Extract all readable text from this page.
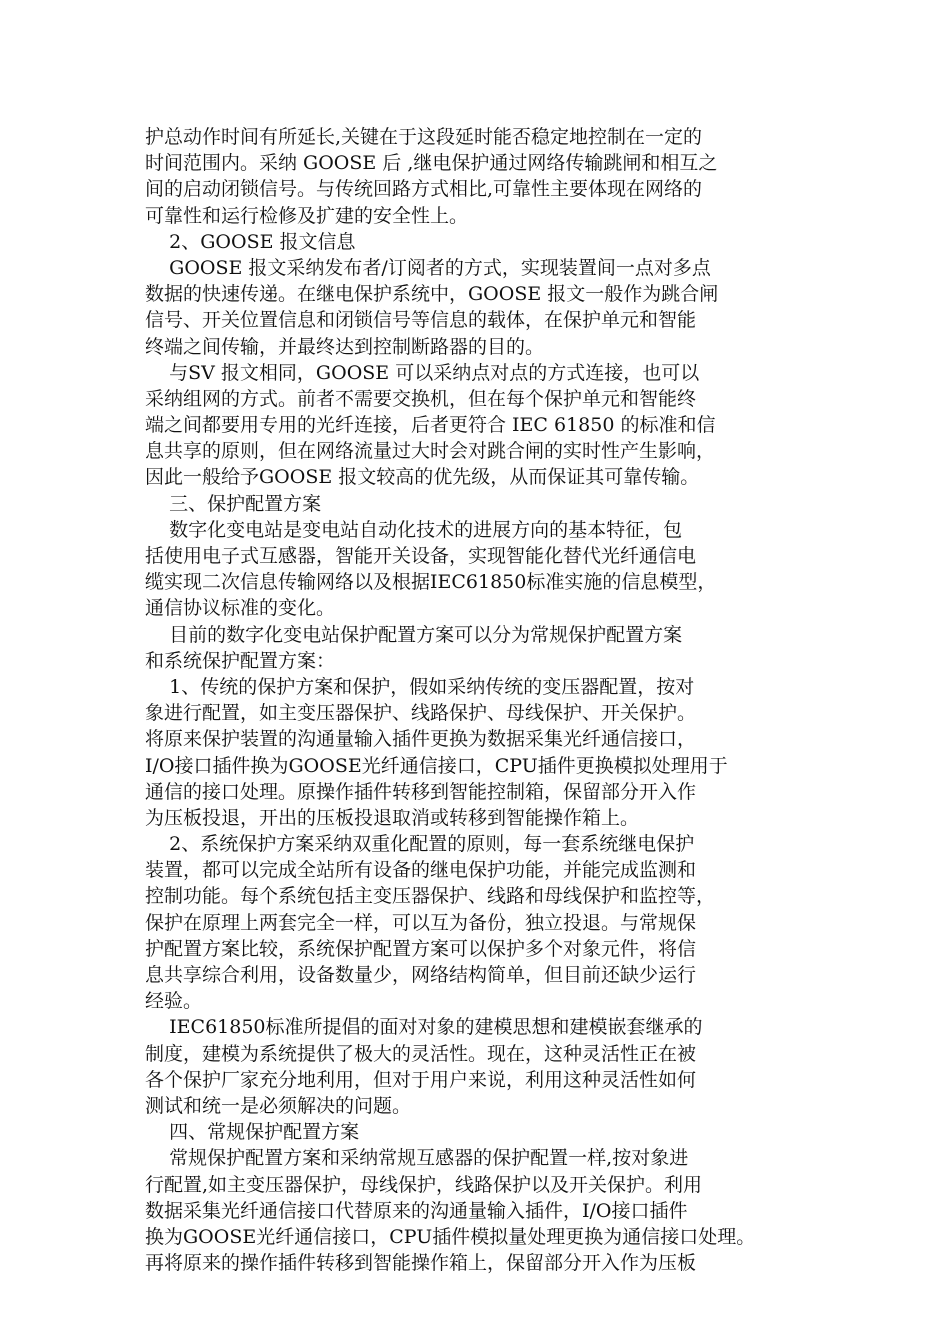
护总动作时间有所延长,关键在于这段延时能否稳定地控制在一定的
时间范围内。采纳 GOOSE 后 ,继电保护通过网络传输跳闸和相互之
间的启动闭锁信号。与传统回路方式相比,可靠性主要体现在网络的
可靠性和运行检修及扩建的安全性上。
2、GOOSE 报文信息
GOOSE 报文采纳发布者/订阅者的方式，实现装置间一点对多点
数据的快速传递。在继电保护系统中，GOOSE 报文一般作为跳合闸
信号、开关位置信息和闭锁信号等信息的载体，在保护单元和智能
终端之间传输，并最终达到控制断路器的目的。
与SV 报文相同，GOOSE 可以采纳点对点的方式连接，也可以
采纳组网的方式。前者不需要交换机，但在每个保护单元和智能终
端之间都要用专用的光纤连接，后者更符合 IEC 61850 的标准和信
息共享的原则，但在网络流量过大时会对跳合闸的实时性产生影响，
因此一般给予GOOSE 报文较高的优先级，从而保证其可靠传输。
三、保护配置方案
数字化变电站是变电站自动化技术的进展方向的基本特征，包
括使用电子式互感器，智能开关设备，实现智能化替代光纤通信电
缆实现二次信息传输网络以及根据IEC61850标准实施的信息模型，
通信协议标准的变化。
目前的数字化变电站保护配置方案可以分为常规保护配置方案
和系统保护配置方案：
1、传统的保护方案和保护，假如采纳传统的变压器配置，按对
象进行配置，如主变压器保护、线路保护、母线保护、开关保护。
将原来保护装置的沟通量输入插件更换为数据采集光纤通信接口，
I/O接口插件换为GOOSE光纤通信接口，CPU插件更换模拟处理用于
通信的接口处理。原操作插件转移到智能控制箱，保留部分开入作
为压板投退，开出的压板投退取消或转移到智能操作箱上。
2、系统保护方案采纳双重化配置的原则，每一套系统继电保护
装置，都可以完成全站所有设备的继电保护功能，并能完成监测和
控制功能。每个系统包括主变压器保护、线路和母线保护和监控等，
保护在原理上两套完全一样，可以互为备份，独立投退。与常规保
护配置方案比较，系统保护配置方案可以保护多个对象元件，将信
息共享综合利用，设备数量少，网络结构简单，但目前还缺少运行
经验。
IEC61850标准所提倡的面对对象的建模思想和建模嵌套继承的
制度，建模为系统提供了极大的灵活性。现在，这种灵活性正在被
各个保护厂家充分地利用，但对于用户来说，利用这种灵活性如何
测试和统一是必须解决的问题。
四、常规保护配置方案
常规保护配置方案和采纳常规互感器的保护配置一样,按对象进
行配置,如主变压器保护，母线保护，线路保护以及开关保护。利用
数据采集光纤通信接口代替原来的沟通量输入插件，I/O接口插件
换为GOOSE光纤通信接口，CPU插件模拟量处理更换为通信接口处理。
再将原来的操作插件转移到智能操作箱上，保留部分开入作为压板
